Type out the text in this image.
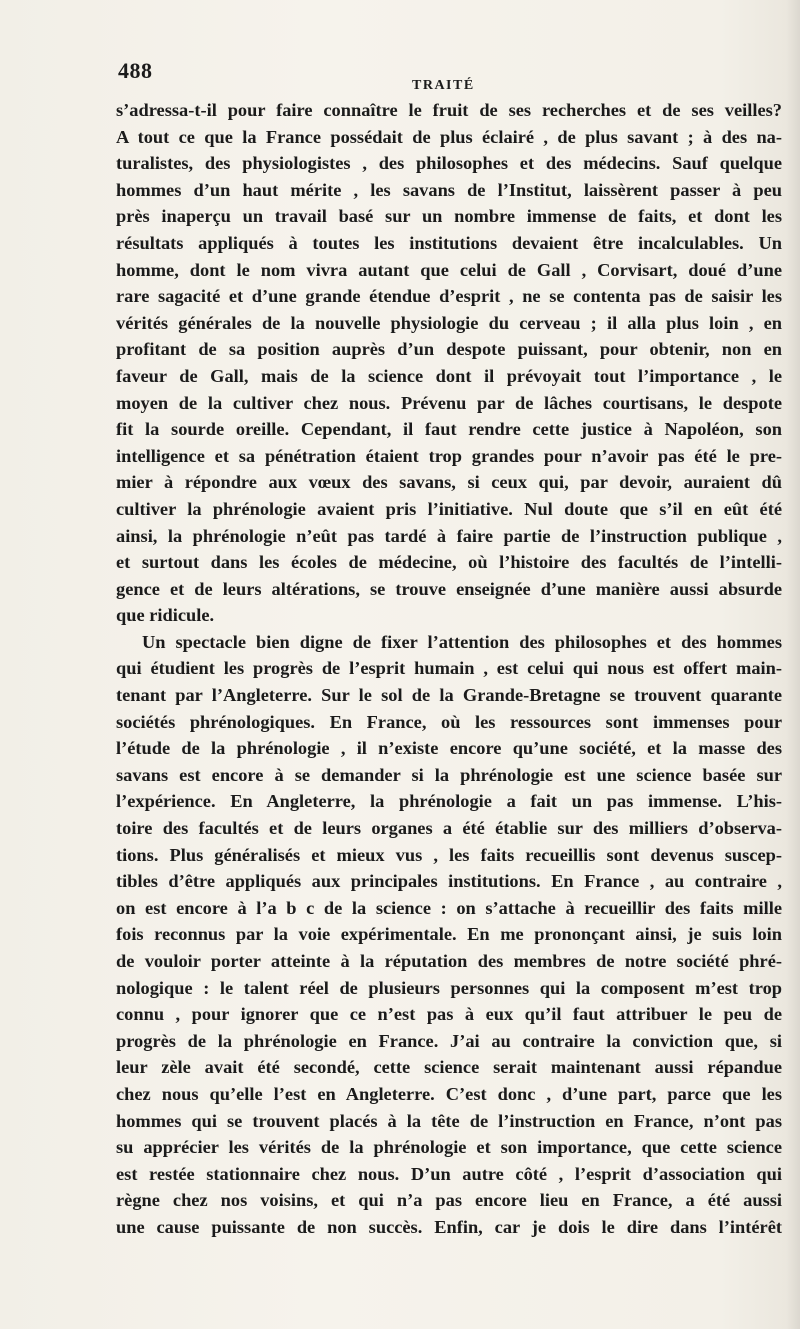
488
TRAITÉ
s’adressa-t-il pour faire connaître le fruit de ses recherches et de ses veilles?
A tout ce que la France possédait de plus éclairé , de plus savant ; à des na-
turalistes, des physiologistes , des philosophes et des médecins. Sauf quelque
hommes d’un haut mérite , les savans de l’Institut, laissèrent passer à peu
près inaperçu un travail basé sur un nombre immense de faits, et dont les
résultats appliqués à toutes les institutions devaient être incalculables. Un
homme, dont le nom vivra autant que celui de Gall , Corvisart, doué d’une
rare sagacité et d’une grande étendue d’esprit , ne se contenta pas de saisir les
vérités générales de la nouvelle physiologie du cerveau ; il alla plus loin , en
profitant de sa position auprès d’un despote puissant, pour obtenir, non en
faveur de Gall, mais de la science dont il prévoyait tout l’importance , le
moyen de la cultiver chez nous. Prévenu par de lâches courtisans, le despote
fit la sourde oreille. Cependant, il faut rendre cette justice à Napoléon, son
intelligence et sa pénétration étaient trop grandes pour n’avoir pas été le pre-
mier à répondre aux vœux des savans, si ceux qui, par devoir, auraient dû
cultiver la phrénologie avaient pris l’initiative. Nul doute que s’il en eût été
ainsi, la phrénologie n’eût pas tardé à faire partie de l’instruction publique ,
et surtout dans les écoles de médecine, où l’histoire des facultés de l’intelli-
gence et de leurs altérations, se trouve enseignée d’une manière aussi absurde
que ridicule.
Un spectacle bien digne de fixer l’attention des philosophes et des hommes
qui étudient les progrès de l’esprit humain , est celui qui nous est offert main-
tenant par l’Angleterre. Sur le sol de la Grande-Bretagne se trouvent quarante
sociétés phrénologiques. En France, où les ressources sont immenses pour
l’étude de la phrénologie , il n’existe encore qu’une société, et la masse des
savans est encore à se demander si la phrénologie est une science basée sur
l’expérience. En Angleterre, la phrénologie a fait un pas immense. L’his-
toire des facultés et de leurs organes a été établie sur des milliers d’observa-
tions. Plus généralisés et mieux vus , les faits recueillis sont devenus suscep-
tibles d’être appliqués aux principales institutions. En France , au contraire ,
on est encore à l’a b c de la science : on s’attache à recueillir des faits mille
fois reconnus par la voie expérimentale. En me prononçant ainsi, je suis loin
de vouloir porter atteinte à la réputation des membres de notre société phré-
nologique : le talent réel de plusieurs personnes qui la composent m’est trop
connu , pour ignorer que ce n’est pas à eux qu’il faut attribuer le peu de
progrès de la phrénologie en France. J’ai au contraire la conviction que, si
leur zèle avait été secondé, cette science serait maintenant aussi répandue
chez nous qu’elle l’est en Angleterre. C’est donc , d’une part, parce que les
hommes qui se trouvent placés à la tête de l’instruction en France, n’ont pas
su apprécier les vérités de la phrénologie et son importance, que cette science
est restée stationnaire chez nous. D’un autre côté , l’esprit d’association qui
règne chez nos voisins, et qui n’a pas encore lieu en France, a été aussi
une cause puissante de non succès. Enfin, car je dois le dire dans l’intérêt
